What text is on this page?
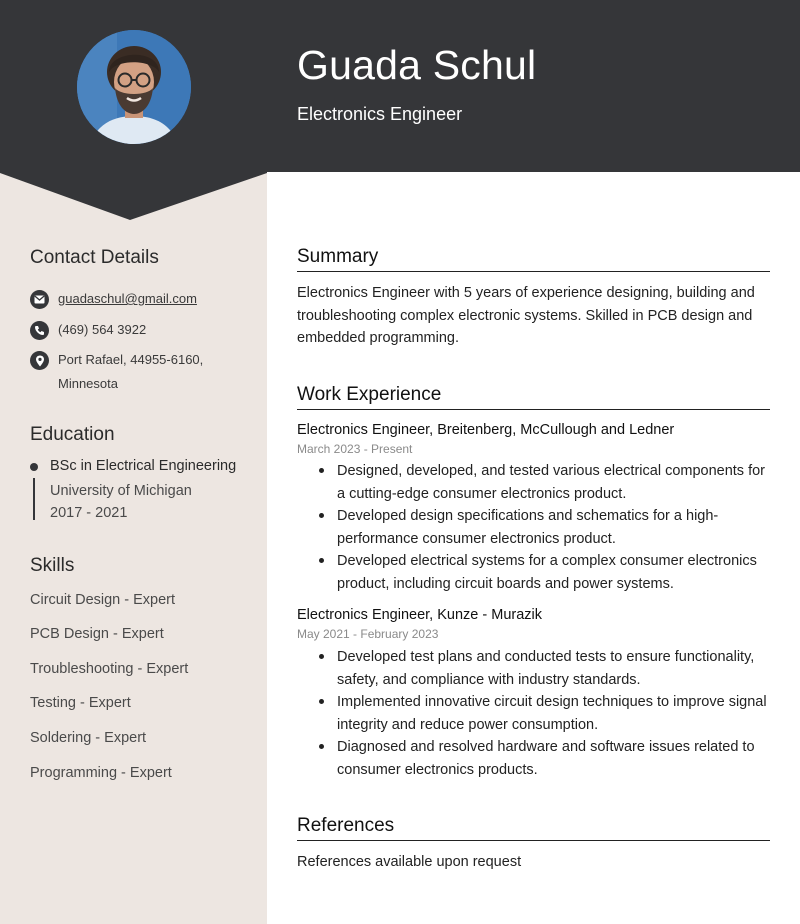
Guada Schul
Electronics Engineer
Contact Details
guadaschul@gmail.com
(469) 564 3922
Port Rafael, 44955-6160, Minnesota
Education
BSc in Electrical Engineering
University of Michigan
2017 - 2021
Skills
Circuit Design - Expert
PCB Design - Expert
Troubleshooting - Expert
Testing - Expert
Soldering - Expert
Programming - Expert
Summary
Electronics Engineer with 5 years of experience designing, building and troubleshooting complex electronic systems. Skilled in PCB design and embedded programming.
Work Experience
Electronics Engineer, Breitenberg, McCullough and Ledner
March 2023 - Present
Designed, developed, and tested various electrical components for a cutting-edge consumer electronics product.
Developed design specifications and schematics for a high-performance consumer electronics product.
Developed electrical systems for a complex consumer electronics product, including circuit boards and power systems.
Electronics Engineer, Kunze - Murazik
May 2021 - February 2023
Developed test plans and conducted tests to ensure functionality, safety, and compliance with industry standards.
Implemented innovative circuit design techniques to improve signal integrity and reduce power consumption.
Diagnosed and resolved hardware and software issues related to consumer electronics products.
References
References available upon request
